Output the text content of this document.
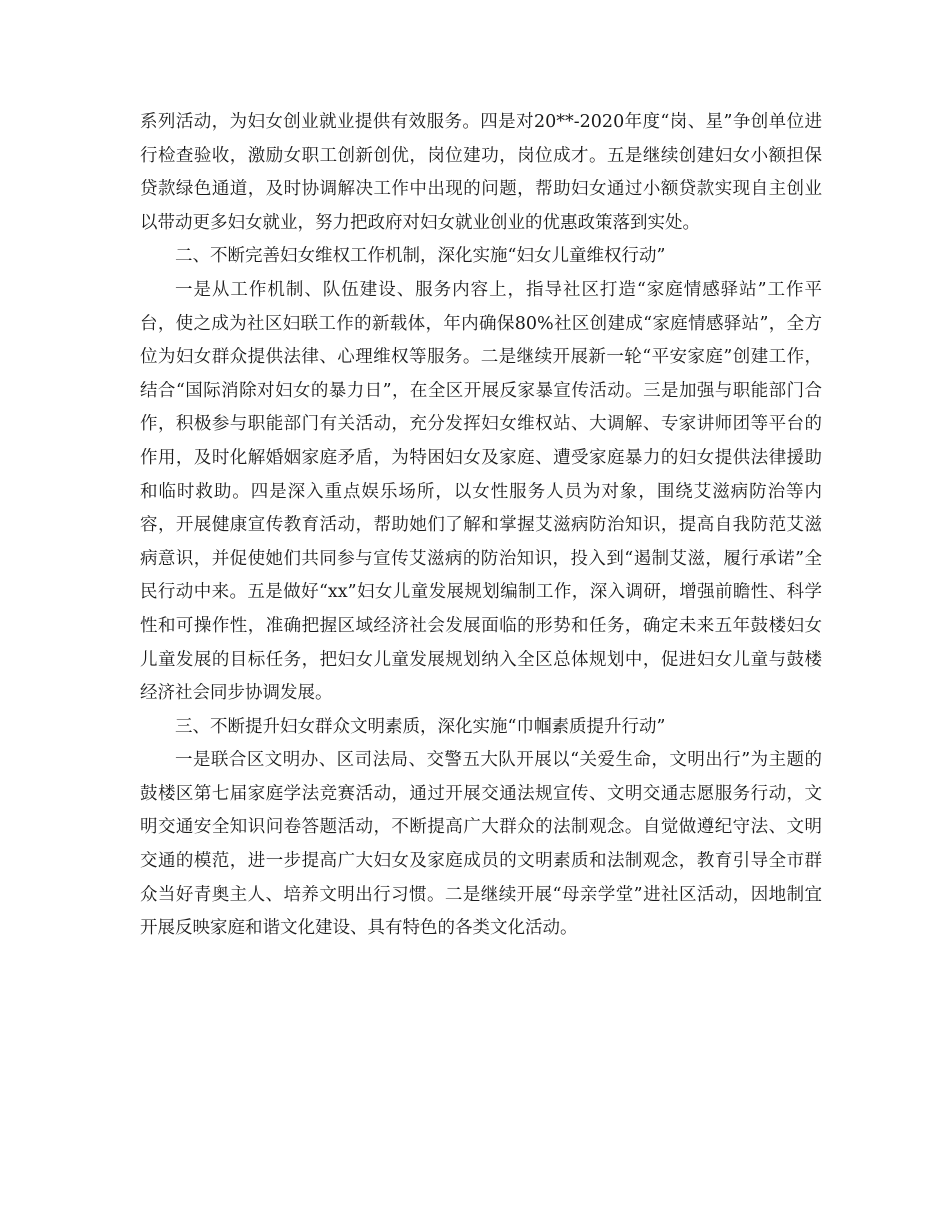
系列活动，为妇女创业就业提供有效服务。四是对20**-2020年度“岗、星”争创单位进行检查验收，激励女职工创新创优，岗位建功，岗位成才。五是继续创建妇女小额担保贷款绿色通道，及时协调解决工作中出现的问题，帮助妇女通过小额贷款实现自主创业以带动更多妇女就业，努力把政府对妇女就业创业的优惠政策落到实处。

二、不断完善妇女维权工作机制，深化实施“妇女儿童维权行动”

一是从工作机制、队伍建设、服务内容上，指导社区打造“家庭情感驿站”工作平台，使之成为社区妇联工作的新载体，年内确保80%社区创建成“家庭情感驿站”，全方位为妇女群众提供法律、心理维权等服务。二是继续开展新一轮“平安家庭”创建工作，结合“国际消除对妇女的暴力日”，在全区开展反家暴宣传活动。三是加强与职能部门合作，积极参与职能部门有关活动，充分发挥妇女维权站、大调解、专家讲师团等平台的作用，及时化解婚姻家庭矛盾，为特困妇女及家庭、遭受家庭暴力的妇女提供法律援助和临时救助。四是深入重点娱乐场所，以女性服务人员为对象，围绕艾滋病防治等内容，开展健康宣传教育活动，帮助她们了解和掌握艾滋病防治知识，提高自我防范艾滋病意识，并促使她们共同参与宣传艾滋病的防治知识，投入到“遏制艾滋，履行承诺”全民行动中来。五是做好“xx”妇女儿童发展规划编制工作，深入调研，增强前瞻性、科学性和可操作性，准确把握区域经济社会发展面临的形势和任务，确定未来五年鼓楼妇女儿童发展的目标任务，把妇女儿童发展规划纳入全区总体规划中，促进妇女儿童与鼓楼经济社会同步协调发展。

三、不断提升妇女群众文明素质，深化实施“巾帼素质提升行动”

一是联合区文明办、区司法局、交警五大队开展以“关爱生命，文明出行”为主题的鼓楼区第七届家庭学法竞赛活动，通过开展交通法规宣传、文明交通志愿服务行动，文明交通安全知识问卷答题活动，不断提高广大群众的法制观念。自觉做遵纪守法、文明交通的模范，进一步提高广大妇女及家庭成员的文明素质和法制观念，教育引导全市群众当好青奥主人、培养文明出行习惯。二是继续开展“母亲学堂”进社区活动，因地制宜开展反映家庭和谐文化建设、具有特色的各类文化活动。
